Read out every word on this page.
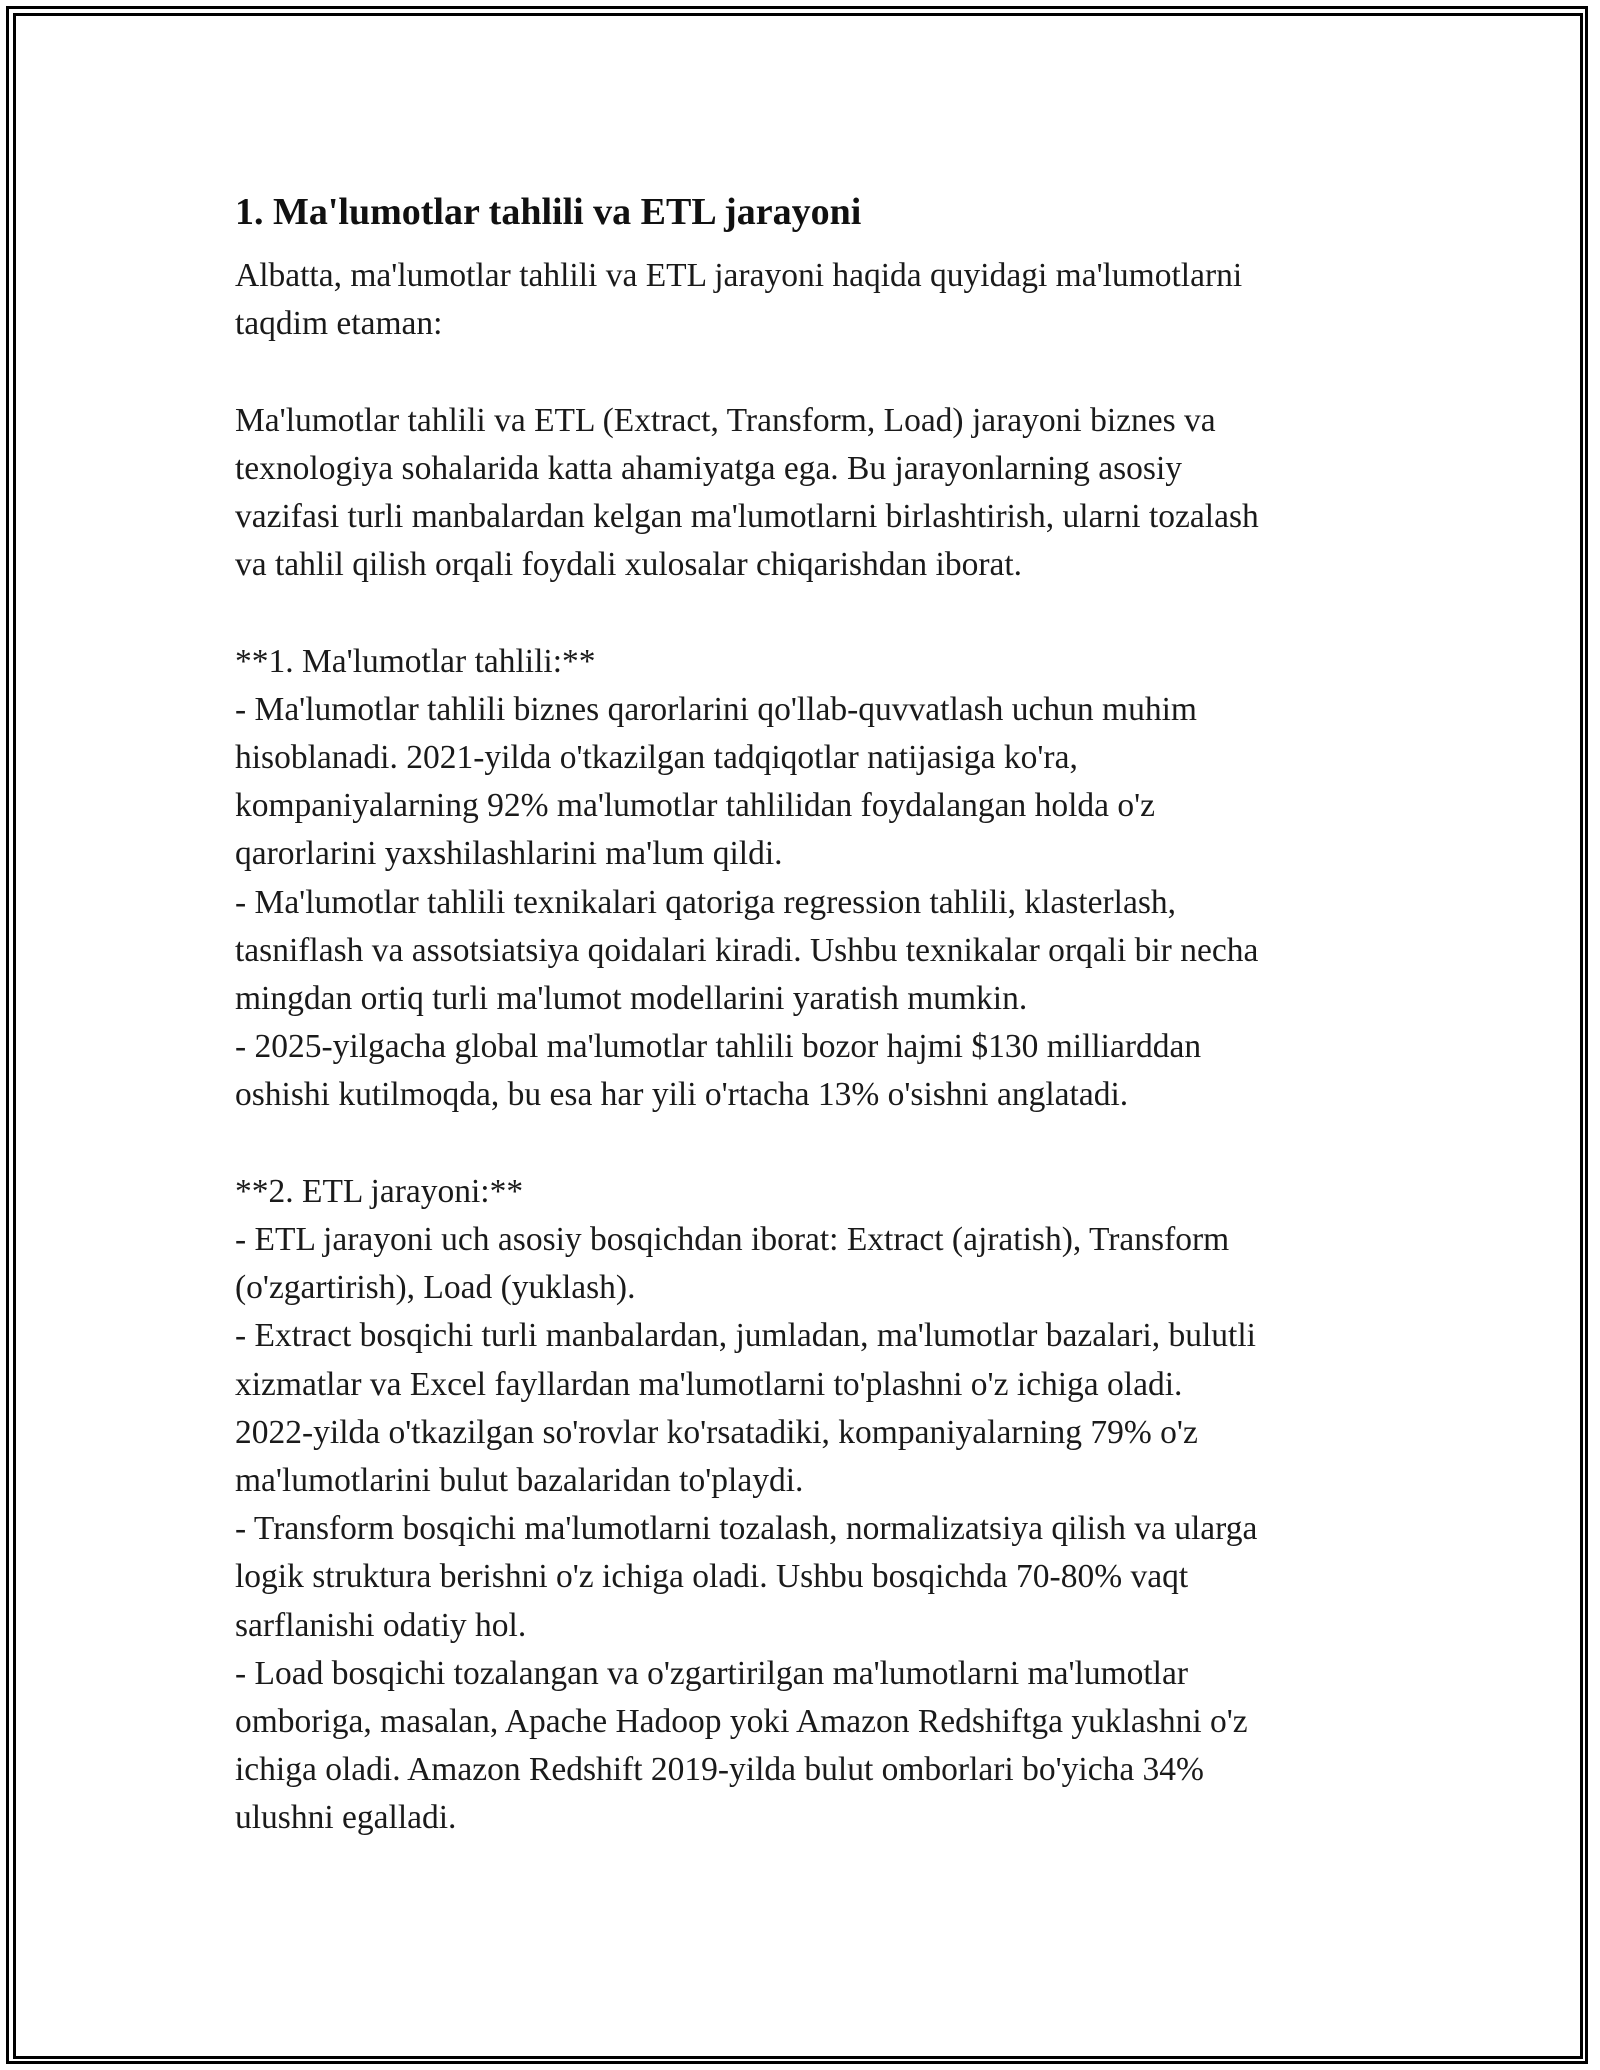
1. Ma'lumotlar tahlili va ETL jarayoni

Albatta, ma'lumotlar tahlili va ETL jarayoni haqida quyidagi ma'lumotlarni
taqdim etaman:

Ma'lumotlar tahlili va ETL (Extract, Transform, Load) jarayoni biznes va
texnologiya sohalarida katta ahamiyatga ega. Bu jarayonlarning asosiy
vazifasi turli manbalardan kelgan ma'lumotlarni birlashtirish, ularni tozalash
va tahlil qilish orqali foydali xulosalar chiqarishdan iborat.

**1. Ma'lumotlar tahlili:**

- Ma'lumotlar tahlili biznes qarorlarini qo'llab-quvvatlash uchun muhim
hisoblanadi. 2021-yilda o'tkazilgan tadqiqotlar natijasiga ko'ra,
kompaniyalarning 92% ma'lumotlar tahlilidan foydalangan holda o'z
qarorlarini yaxshilashlarini ma'lum qildi.

- Ma'lumotlar tahlili texnikalari qatoriga regression tahlili, klasterlash,
tasniflash va assotsiatsiya qoidalari kiradi. Ushbu texnikalar orqali bir necha
mingdan ortiq turli ma'lumot modellarini yaratish mumkin.

- 2025-yilgacha global ma'lumotlar tahlili bozor hajmi $130 milliarddan
oshishi kutilmoqda, bu esa har yili o'rtacha 13% o'sishni anglatadi.

**2. ETL jarayoni:**

- ETL jarayoni uch asosiy bosqichdan iborat: Extract (ajratish), Transform
(o'zgartirish), Load (yuklash).

- Extract bosqichi turli manbalardan, jumladan, ma'lumotlar bazalari, bulutli
xizmatlar va Excel fayllardan ma'lumotlarni to'plashni o'z ichiga oladi.
2022-yilda o'tkazilgan so'rovlar ko'rsatadiki, kompaniyalarning 79% o'z
ma'lumotlarini bulut bazalaridan to'playdi.

- Transform bosqichi ma'lumotlarni tozalash, normalizatsiya qilish va ularga
logik struktura berishni o'z ichiga oladi. Ushbu bosqichda 70-80% vaqt
sarflanishi odatiy hol.

- Load bosqichi tozalangan va o'zgartirilgan ma'lumotlarni ma'lumotlar
omboriga, masalan, Apache Hadoop yoki Amazon Redshiftga yuklashni o'z
ichiga oladi. Amazon Redshift 2019-yilda bulut omborlari bo'yicha 34%
ulushni egalladi.
